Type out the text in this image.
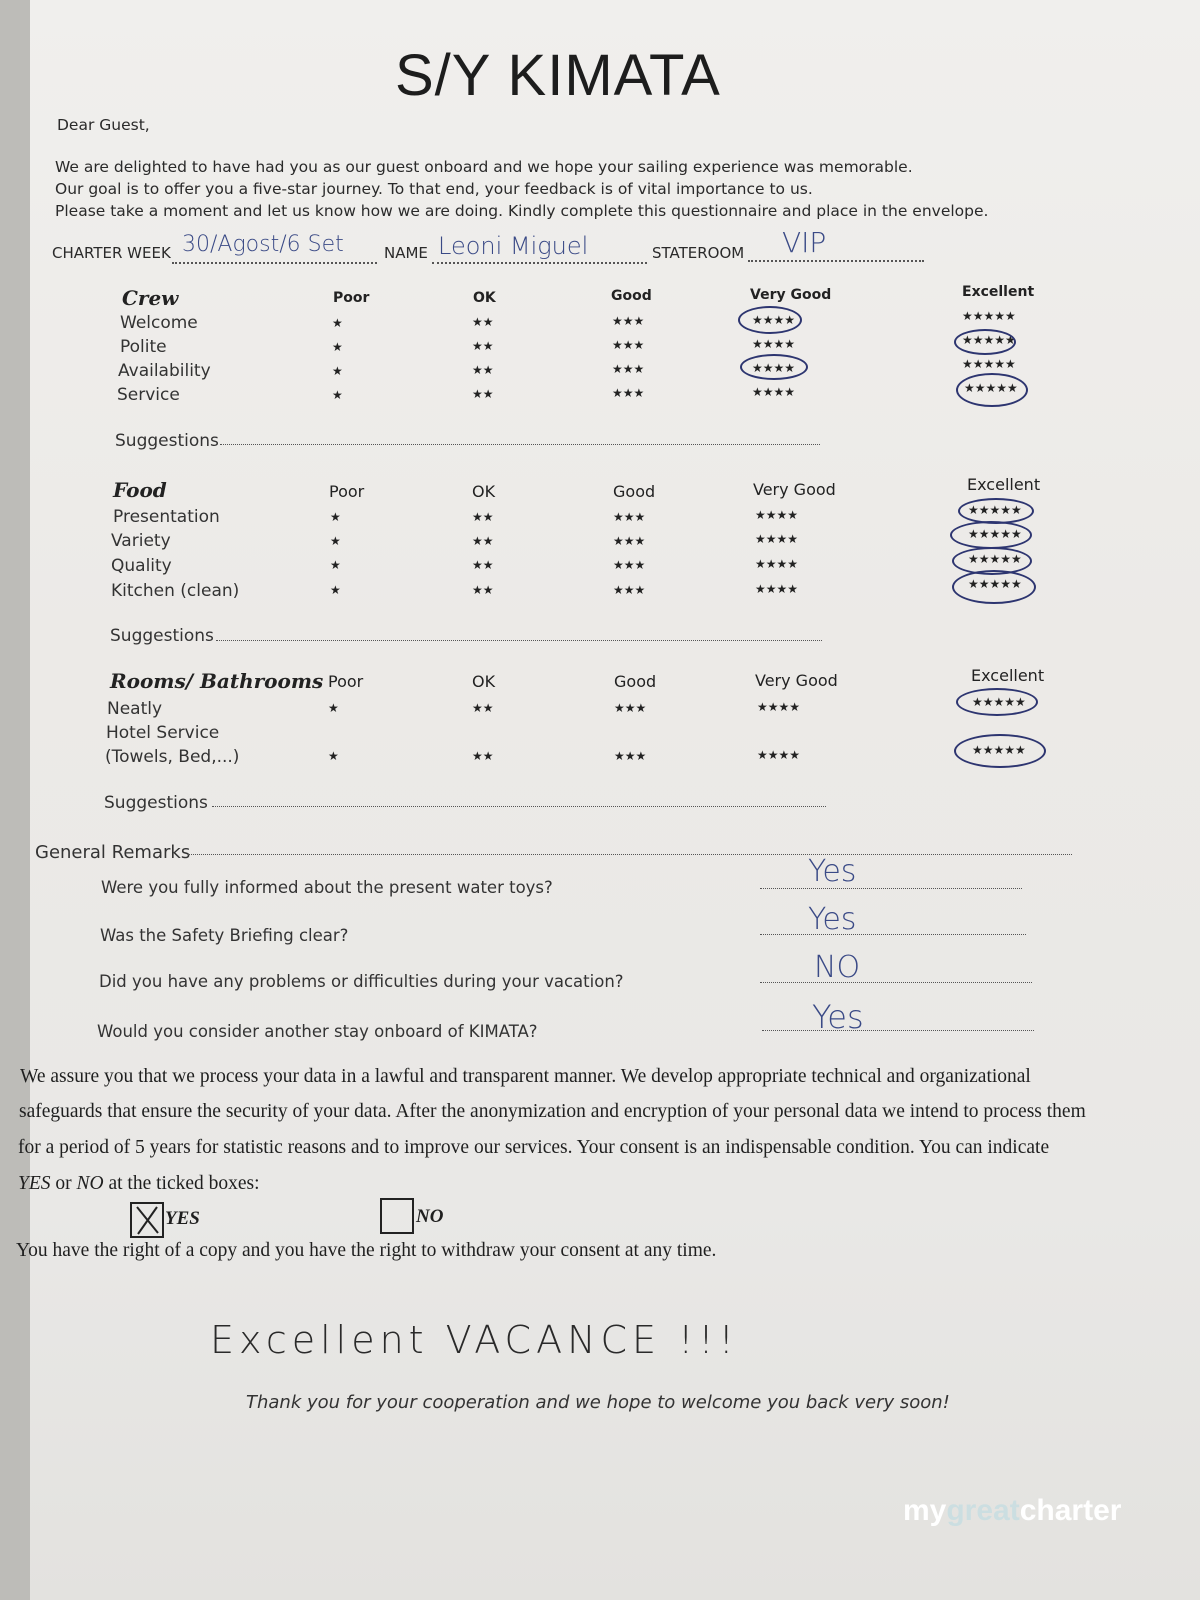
S/Y KIMATA
Dear Guest,
We are delighted to have had you as our guest onboard and we hope your sailing experience was memorable.
Our goal is to offer you a five-star journey. To that end, your feedback is of vital importance to us.
Please take a moment and let us know how we are doing. Kindly complete this questionnaire and place in the envelope.
CHARTER WEEK 30/Agost/6 Set	NAME Leoni Miguel	STATEROOM VIP
Crew	Poor	OK	Good	Very Good	Excellent
Welcome	★	★★	★★★	★★★★	★★★★★
Polite	★	★★	★★★	★★★★	★★★★★
Availability	★	★★	★★★	★★★★	★★★★★
Service	★	★★	★★★	★★★★	★★★★★
Suggestions
Food	Poor	OK	Good	Very Good	Excellent
Presentation	★	★★	★★★	★★★★	★★★★★
Variety	★	★★	★★★	★★★★	★★★★★
Quality	★	★★	★★★	★★★★	★★★★★
Kitchen (clean)	★	★★	★★★	★★★★	★★★★★
Suggestions
Rooms/ Bathrooms Poor	OK	Good	Very Good	Excellent
Neatly	★	★★	★★★	★★★★	★★★★★
Hotel Service
(Towels, Bed,...)	★	★★	★★★	★★★★	★★★★★
Suggestions
General Remarks
Were you fully informed about the present water toys?	Yes
Was the Safety Briefing clear?	Yes
Did you have any problems or difficulties during your vacation?	NO
Would you consider another stay onboard of KIMATA?	Yes
We assure you that we process your data in a lawful and transparent manner. We develop appropriate technical and organizational
safeguards that ensure the security of your data. After the anonymization and encryption of your personal data we intend to process them
for a period of 5 years for statistic reasons and to improve our services. Your consent is an indispensable condition. You can indicate
YES or NO at the ticked boxes:
YES	NO
You have the right of a copy and you have the right to withdraw your consent at any time.
Excellent VACANCE !!!
Thank you for your cooperation and we hope to welcome you back very soon!
mygreatcharter
